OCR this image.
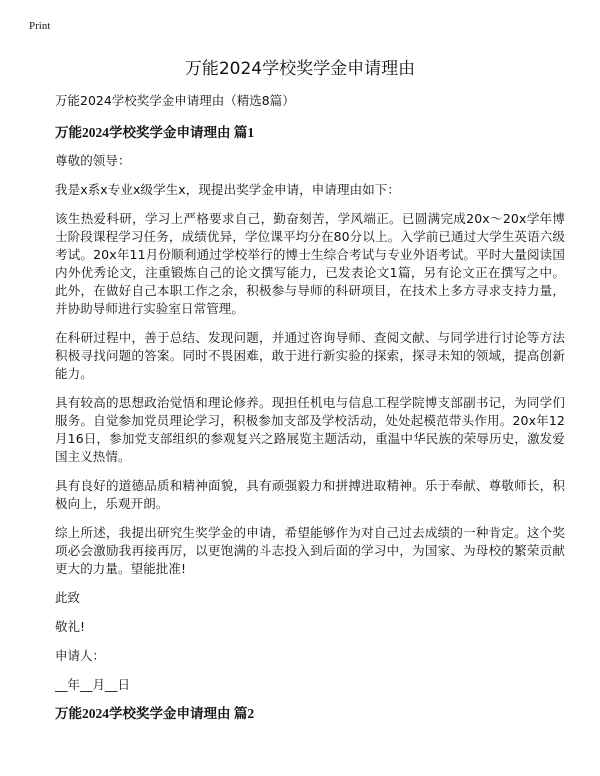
Print
万能2024学校奖学金申请理由

万能2024学校奖学金申请理由（精选8篇）

万能2024学校奖学金申请理由 篇1

尊敬的领导：

我是x系x专业x级学生x，现提出奖学金申请，申请理由如下：

该生热爱科研，学习上严格要求自己，勤奋刻苦，学风端正。已圆满完成20x～20x学年博士阶段课程学习任务，成绩优异，学位课平均分在80分以上。入学前已通过大学生英语六级考试。20x年11月份顺利通过学校举行的博士生综合考试与专业外语考试。平时大量阅读国内外优秀论文，注重锻炼自己的论文撰写能力，已发表论文1篇，另有论文正在撰写之中。此外，在做好自己本职工作之余，积极参与导师的科研项目，在技术上多方寻求支持力量，并协助导师进行实验室日常管理。

在科研过程中，善于总结、发现问题，并通过咨询导师、查阅文献、与同学进行讨论等方法积极寻找问题的答案。同时不畏困难，敢于进行新实验的探索，探寻未知的领域，提高创新能力。

具有较高的思想政治觉悟和理论修养。现担任机电与信息工程学院博支部副书记，为同学们服务。自觉参加党员理论学习，积极参加支部及学校活动，处处起模范带头作用。20x年12月16日，参加党支部组织的参观复兴之路展览主题活动，重温中华民族的荣辱历史，激发爱国主义热情。

具有良好的道德品质和精神面貌，具有顽强毅力和拼搏进取精神。乐于奉献、尊敬师长，积极向上，乐观开朗。

综上所述，我提出研究生奖学金的申请，希望能够作为对自己过去成绩的一种肯定。这个奖项必会激励我再接再厉，以更饱满的斗志投入到后面的学习中，为国家、为母校的繁荣贡献更大的力量。望能批准!

此致

敬礼!

申请人：

__年__月__日

万能2024学校奖学金申请理由 篇2
